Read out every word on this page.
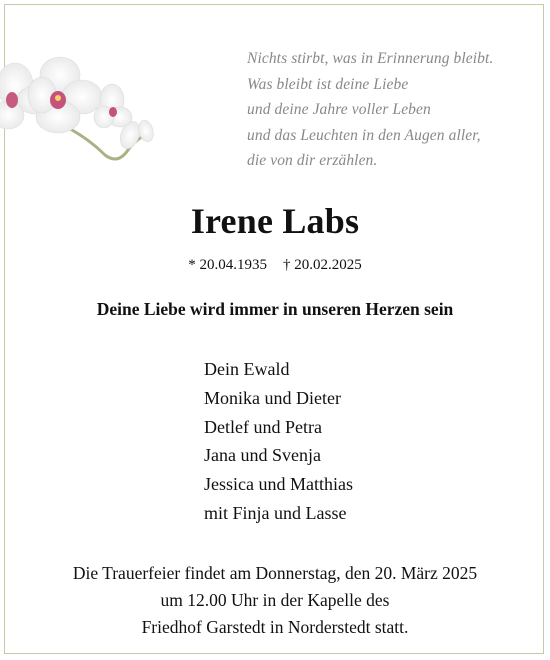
Nichts stirbt, was in Erinnerung bleibt.
Was bleibt ist deine Liebe
und deine Jahre voller Leben
und das Leuchten in den Augen aller,
die von dir erzählen.
Irene Labs
* 20.04.1935 † 20.02.2025
Deine Liebe wird immer in unseren Herzen sein
Dein Ewald
Monika und Dieter
Detlef und Petra
Jana und Svenja
Jessica und Matthias
mit Finja und Lasse
Die Trauerfeier findet am Donnerstag, den 20. März 2025
um 12.00 Uhr in der Kapelle des
Friedhof Garstedt in Norderstedt statt.
